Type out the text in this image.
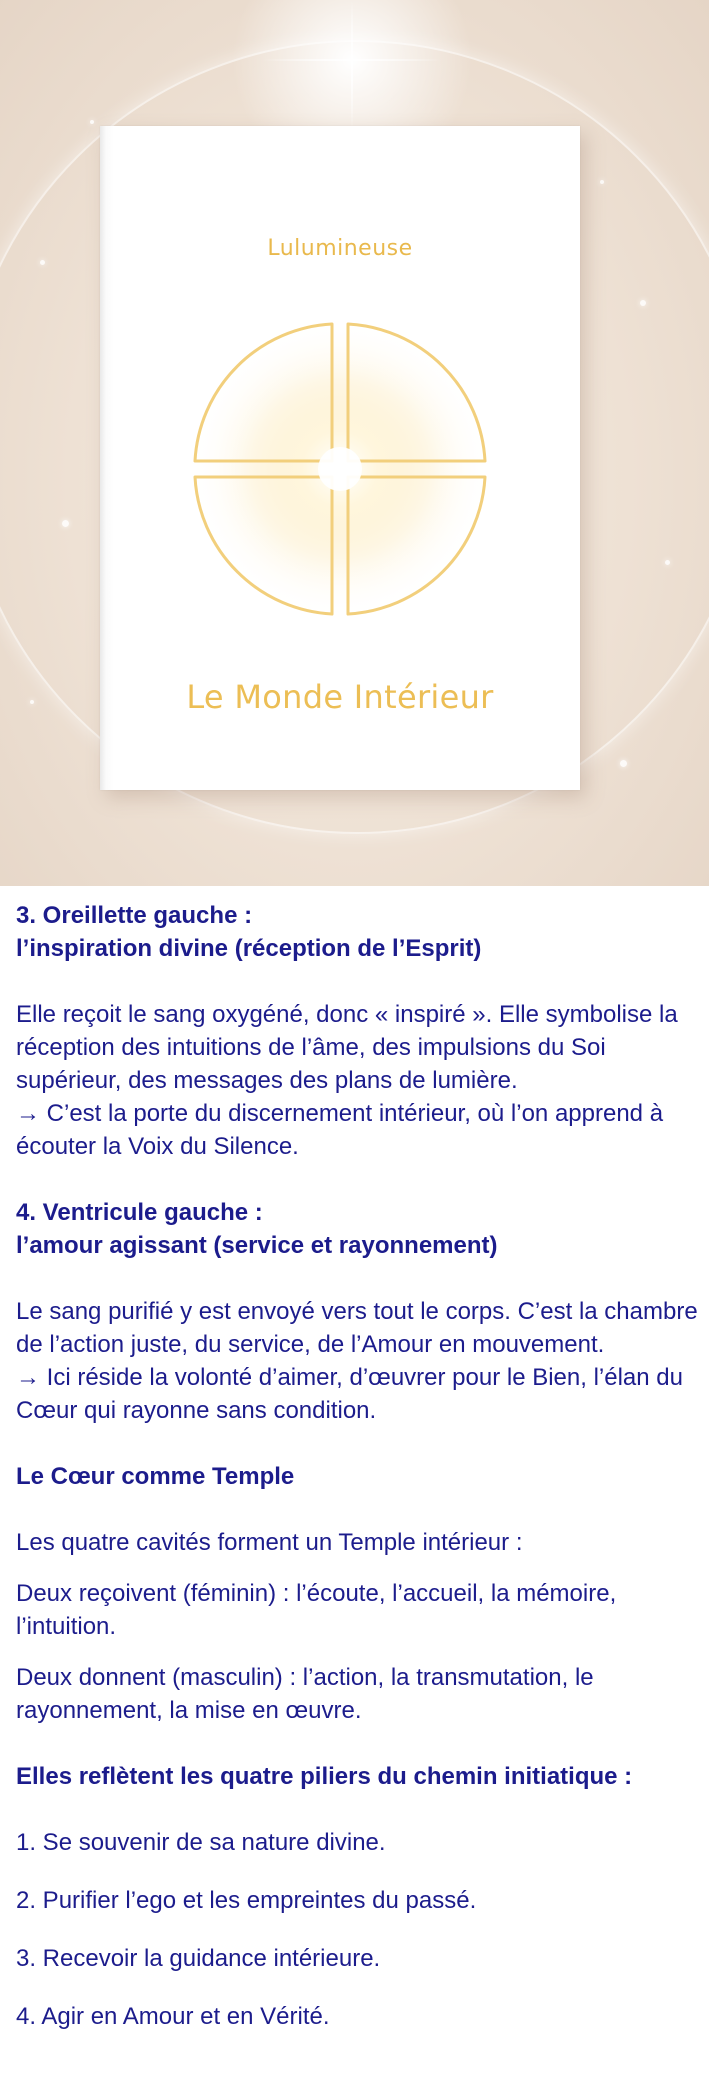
Lulumineuse
Le Monde Intérieur

3. Oreillette gauche :

l’inspiration divine (réception de l’Esprit)

Elle reçoit le sang oxygéné, donc « inspiré ». Elle symbolise la réception des intuitions de l’âme, des impulsions du Soi supérieur, des messages des plans de lumière.

→ C’est la porte du discernement intérieur, où l’on apprend à écouter la Voix du Silence.

4. Ventricule gauche :

l’amour agissant (service et rayonnement)

Le sang purifié y est envoyé vers tout le corps. C’est la chambre de l’action juste, du service, de l’Amour en mouvement.

→ Ici réside la volonté d’aimer, d’œuvrer pour le Bien, l’élan du Cœur qui rayonne sans condition.

Le Cœur comme Temple

Les quatre cavités forment un Temple intérieur :

Deux reçoivent (féminin) : l’écoute, l’accueil, la mémoire, l’intuition.

Deux donnent (masculin) : l’action, la transmutation, le rayonnement, la mise en œuvre.

Elles reflètent les quatre piliers du chemin initiatique :

1. Se souvenir de sa nature divine.

2. Purifier l’ego et les empreintes du passé.

3. Recevoir la guidance intérieure.

4. Agir en Amour et en Vérité.
